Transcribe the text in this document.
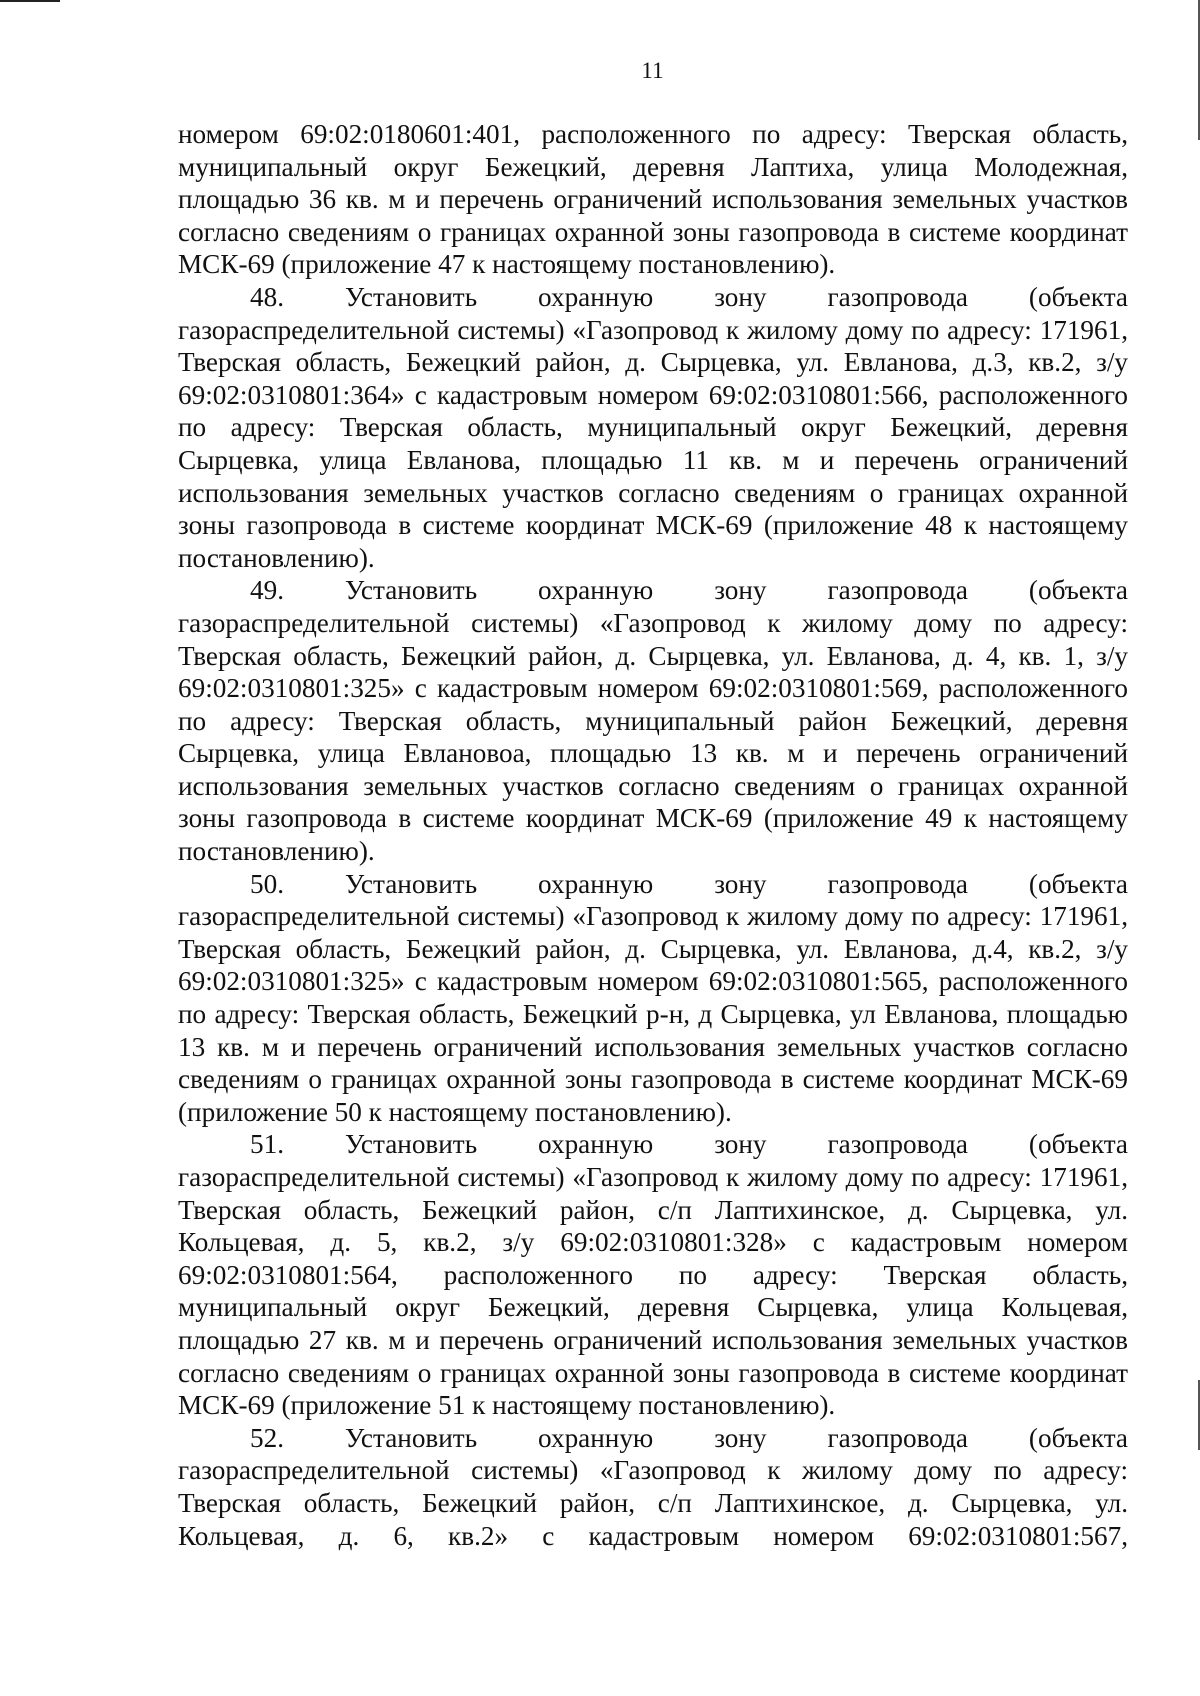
11

номером 69:02:0180601:401, расположенного по адресу: Тверская область, муниципальный округ Бежецкий, деревня Лаптиха, улица Молодежная, площадью 36 кв. м и перечень ограничений использования земельных участков согласно сведениям о границах охранной зоны газопровода в системе координат МСК-69 (приложение 47 к настоящему постановлению).

48. Установить охранную зону газопровода (объекта газораспределительной системы) «Газопровод к жилому дому по адресу: 171961, Тверская область, Бежецкий район, д. Сырцевка, ул. Евланова, д.3, кв.2, з/у 69:02:0310801:364» с кадастровым номером 69:02:0310801:566, расположенного по адресу: Тверская область, муниципальный округ Бежецкий, деревня Сырцевка, улица Евланова, площадью 11 кв. м и перечень ограничений использования земельных участков согласно сведениям о границах охранной зоны газопровода в системе координат МСК-69 (приложение 48 к настоящему постановлению).

49. Установить охранную зону газопровода (объекта газораспределительной системы) «Газопровод к жилому дому по адресу: Тверская область, Бежецкий район, д. Сырцевка, ул. Евланова, д. 4, кв. 1, з/у 69:02:0310801:325» с кадастровым номером 69:02:0310801:569, расположенного по адресу: Тверская область, муниципальный район Бежецкий, деревня Сырцевка, улица Евлановоа, площадью 13 кв. м и перечень ограничений использования земельных участков согласно сведениям о границах охранной зоны газопровода в системе координат МСК-69 (приложение 49 к настоящему постановлению).

50. Установить охранную зону газопровода (объекта газораспределительной системы) «Газопровод к жилому дому по адресу: 171961, Тверская область, Бежецкий район, д. Сырцевка, ул. Евланова, д.4, кв.2, з/у 69:02:0310801:325» с кадастровым номером 69:02:0310801:565, расположенного по адресу: Тверская область, Бежецкий р-н, д Сырцевка, ул Евланова, площадью 13 кв. м и перечень ограничений использования земельных участков согласно сведениям о границах охранной зоны газопровода в системе координат МСК-69 (приложение 50 к настоящему постановлению).

51. Установить охранную зону газопровода (объекта газораспределительной системы) «Газопровод к жилому дому по адресу: 171961, Тверская область, Бежецкий район, с/п Лаптихинское, д. Сырцевка, ул. Кольцевая, д. 5, кв.2, з/у 69:02:0310801:328» с кадастровым номером 69:02:0310801:564, расположенного по адресу: Тверская область, муниципальный округ Бежецкий, деревня Сырцевка, улица Кольцевая, площадью 27 кв. м и перечень ограничений использования земельных участков согласно сведениям о границах охранной зоны газопровода в системе координат МСК-69 (приложение 51 к настоящему постановлению).

52. Установить охранную зону газопровода (объекта газораспределительной системы) «Газопровод к жилому дому по адресу: Тверская область, Бежецкий район, с/п Лаптихинское, д. Сырцевка, ул. Кольцевая, д. 6, кв.2» с кадастровым номером 69:02:0310801:567,
